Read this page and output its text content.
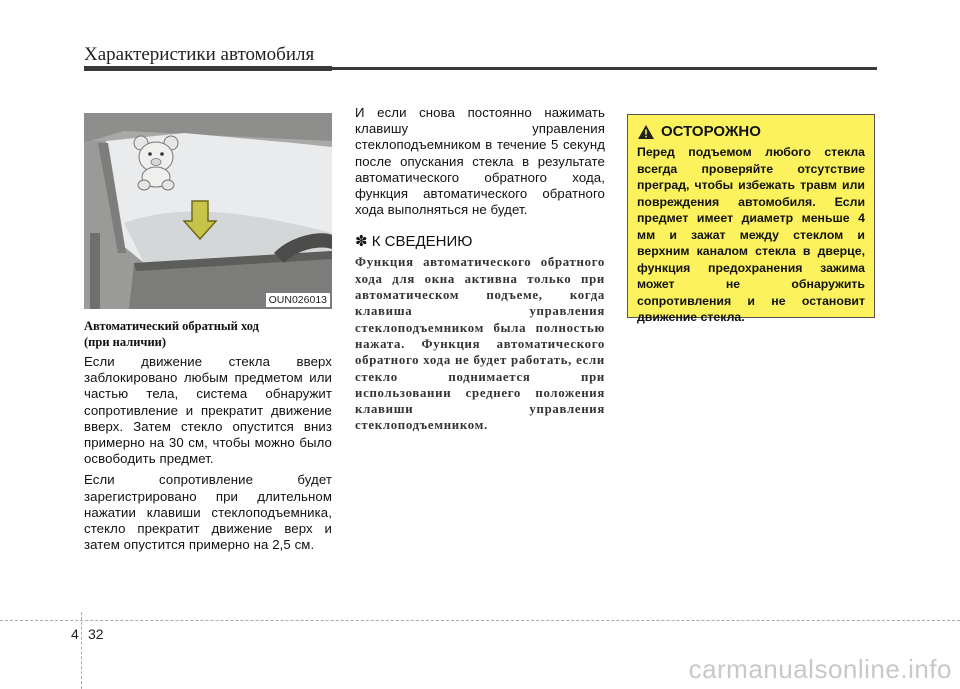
Характеристики автомобиля
OUN026013
Автоматический обратный ход
(при наличии)

Если движение стекла вверх заблокировано любым предметом или частью тела, система обнаружит сопротивление и прекратит движение вверх. Затем стекло опустится вниз примерно на 30 см, чтобы можно было освободить предмет.

Если сопротивление будет зарегистрировано при длительном нажатии клавиши стеклоподъемника, стекло прекратит движение верх и затем опустится примерно на 2,5 см.

И если снова постоянно нажимать клавишу управления стеклоподъемником в течение 5 секунд после опускания стекла в результате автоматического обратного хода, функция автоматического обратного хода выполняться не будет.

✽ К СВЕДЕНИЮ
Функция автоматического обратного хода для окна активна только при автоматическом подъеме, когда клавиша управления стеклоподъемником была полностью нажата. Функция автоматического обратного хода не будет работать, если стекло поднимается при использовании среднего положения клавиши управления стеклоподъемником.
ОСТОРОЖНО
Перед подъемом любого стекла всегда проверяйте отсутствие преград, чтобы избежать травм или повреждения автомобиля. Если предмет имеет диаметр меньше 4 мм и зажат между стеклом и верхним каналом стекла в дверце, функция предохранения зажима может не обнаружить сопротивления и не остановит движение стекла.
4 32
carmanualsonline.info
